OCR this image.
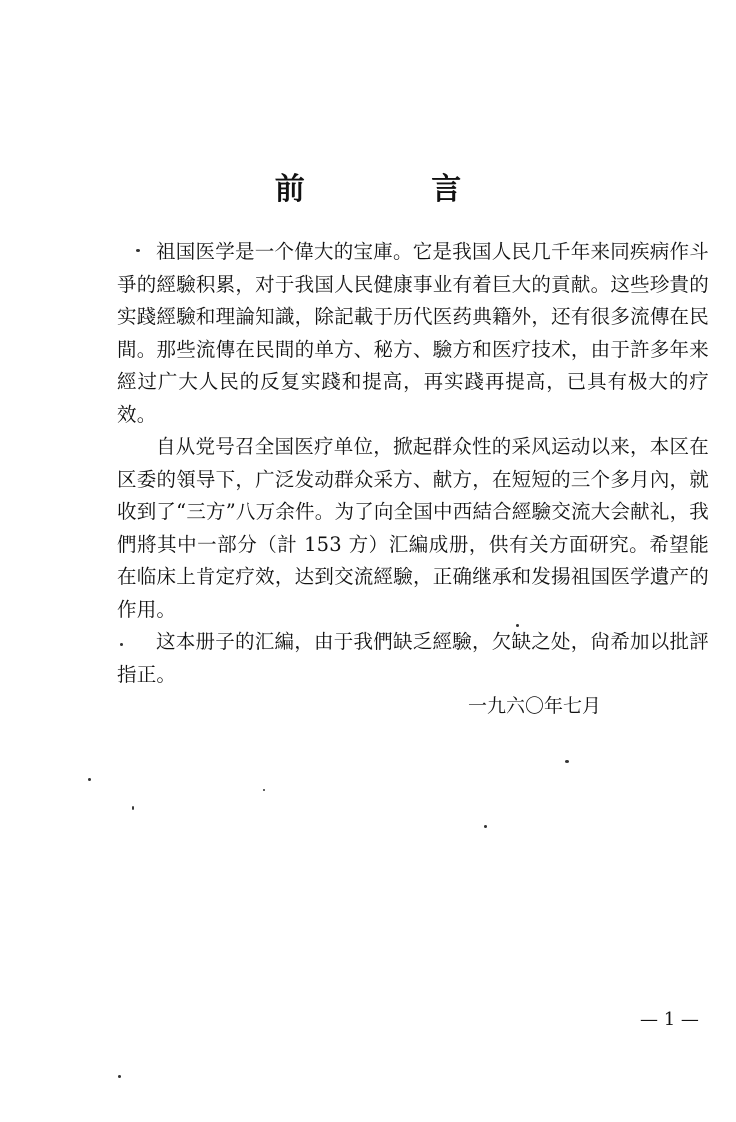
前 言

祖国医学是一个偉大的宝庫。它是我国人民几千年来同疾病作斗爭的經驗积累，对于我国人民健康事业有着巨大的貢献。这些珍貴的实踐經驗和理論知識，除記載于历代医药典籍外，还有很多流傳在民間。那些流傳在民間的单方、秘方、驗方和医疗技术，由于許多年来經过广大人民的反复实踐和提高，再实踐再提高，已具有极大的疗效。

自从党号召全国医疗单位，掀起群众性的采风运动以来，本区在区委的領导下，广泛发动群众采方、献方，在短短的三个多月內，就收到了“三方”八万余件。为了向全国中西結合經驗交流大会献礼，我們將其中一部分（計 153 方）汇編成册，供有关方面研究。希望能在临床上肯定疗效，达到交流經驗，正确继承和发揚祖国医学遺产的作用。

这本册子的汇編，由于我們缺乏經驗，欠缺之处，尙希加以批評指正。

一九六〇年七月
— 1 —
